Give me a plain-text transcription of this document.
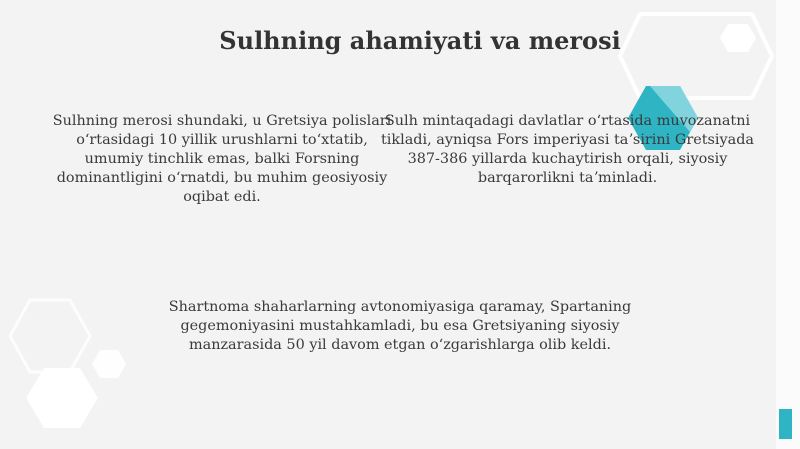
Sulhning ahamiyati va merosi

Sulhning merosi shundaki, u Gretsiya polislari oʻrtasidagi 10 yillik urushlarni toʻxtatib, umumiy tinchlik emas, balki Forsning dominantligini oʻrnatdi, bu muhim geosiyosiy oqibat edi.

Sulh mintaqadagi davlatlar oʻrtasida muvozanatni tikladi, ayniqsa Fors imperiyasi taʼsirini Gretsiyada 387-386 yillarda kuchaytirish orqali, siyosiy barqarorlikni taʼminladi.

Shartnoma shaharlarning avtonomiyasiga qaramay, Spartaning gegemoniyasini mustahkamladi, bu esa Gretsiyaning siyosiy manzarasida 50 yil davom etgan oʻzgarishlarga olib keldi.
